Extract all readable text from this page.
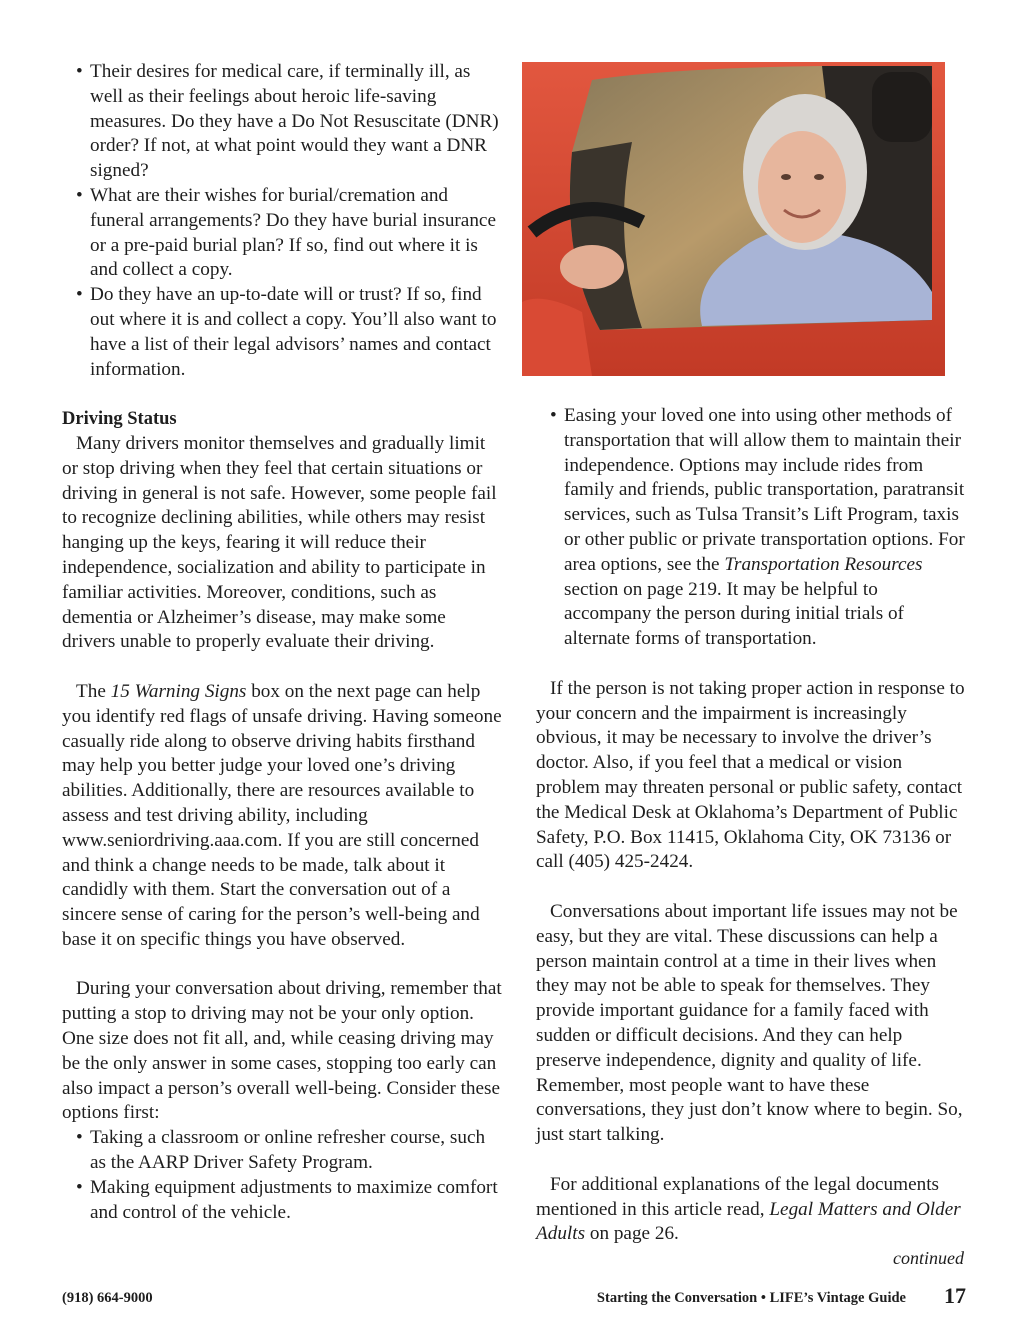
• Their desires for medical care, if terminally ill, as well as their feelings about heroic life-saving measures. Do they have a Do Not Resuscitate (DNR) order? If not, at what point would they want a DNR signed?
• What are their wishes for burial/cremation and funeral arrangements? Do they have burial insurance or a pre-paid burial plan? If so, find out where it is and collect a copy.
• Do they have an up-to-date will or trust? If so, find out where it is and collect a copy. You’ll also want to have a list of their legal advisors’ names and contact information.

Driving Status

Many drivers monitor themselves and gradually limit or stop driving when they feel that certain situations or driving in general is not safe. However, some people fail to recognize declining abilities, while others may resist hanging up the keys, fearing it will reduce their independence, socialization and ability to participate in familiar activities. Moreover, conditions, such as dementia or Alzheimer’s disease, may make some drivers unable to properly evaluate their driving.

The 15 Warning Signs box on the next page can help you identify red flags of unsafe driving. Having someone casually ride along to observe driving habits firsthand may help you better judge your loved one’s driving abilities. Additionally, there are resources available to assess and test driving ability, including www.seniordriving.aaa.com. If you are still concerned and think a change needs to be made, talk about it candidly with them. Start the conversation out of a sincere sense of caring for the person’s well-being and base it on specific things you have observed.

During your conversation about driving, remember that putting a stop to driving may not be your only option. One size does not fit all, and, while ceasing driving may be the only answer in some cases, stopping too early can also impact a person’s overall well-being. Consider these options first:

• Taking a classroom or online refresher course, such as the AARP Driver Safety Program.
• Making equipment adjustments to maximize comfort and control of the vehicle.
• Easing your loved one into using other methods of transportation that will allow them to maintain their independence. Options may include rides from family and friends, public transportation, paratransit services, such as Tulsa Transit’s Lift Program, taxis or other public or private transportation options. For area options, see the Transportation Resources section on page 219. It may be helpful to accompany the person during initial trials of alternate forms of transportation.

If the person is not taking proper action in response to your concern and the impairment is increasingly obvious, it may be necessary to involve the driver’s doctor. Also, if you feel that a medical or vision problem may threaten personal or public safety, contact the Medical Desk at Oklahoma’s Department of Public Safety, P.O. Box 11415, Oklahoma City, OK 73136 or call (405) 425-2424.

Conversations about important life issues may not be easy, but they are vital. These discussions can help a person maintain control at a time in their lives when they may not be able to speak for themselves. They provide important guidance for a family faced with sudden or difficult decisions. And they can help preserve independence, dignity and quality of life. Remember, most people want to have these conversations, they just don’t know where to begin. So, just start talking.

For additional explanations of the legal documents mentioned in this article read, Legal Matters and Older Adults on page 26.

continued
(918) 664-9000	Starting the Conversation • LIFE’s Vintage Guide 17
